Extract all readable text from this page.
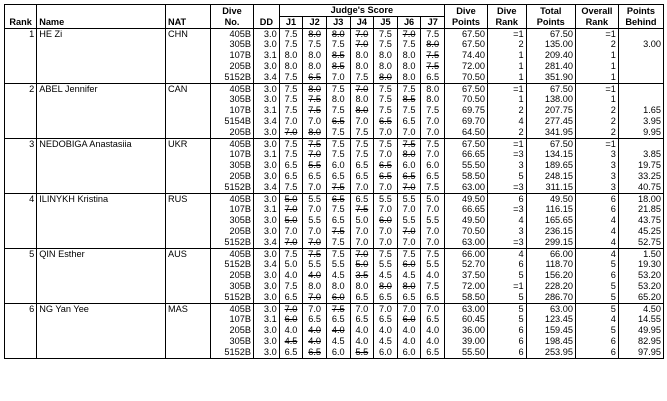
Rank	Name	NAT	Dive	DD	Judge's Score							Dive	Dive	Total	Overall	Points
			No.		J1	J2	J3	J4	J5	J6	J7	Points	Rank	Points	Rank	Behind
1	HE Zi	CHN	405B	3.0	7.5	8.0	8.0	7.0	7.5	7.0	7.5	67.50	=1	67.50	=1	
			305B	3.0	7.5	7.5	7.5	7.0	7.5	7.5	8.0	67.50	2	135.00	2	3.00
			107B	3.1	8.0	8.0	8.5	8.0	8.0	8.0	7.5	74.40	1	209.40	1	
			205B	3.0	8.0	8.0	8.5	8.0	8.0	8.0	7.5	72.00	1	281.40	1	
			5152B	3.4	7.5	6.5	7.0	7.5	8.0	8.0	6.5	70.50	1	351.90	1	
2	ABEL Jennifer	CAN	405B	3.0	7.5	8.0	7.5	7.0	7.5	7.5	8.0	67.50	=1	67.50	=1	
			305B	3.0	7.5	7.5	8.0	8.0	7.5	8.5	8.0	70.50	1	138.00	1	
			107B	3.1	7.5	7.5	7.5	8.0	7.5	7.5	7.5	69.75	2	207.75	2	1.65
			5154B	3.4	7.0	7.0	6.5	7.0	6.5	6.5	7.0	69.70	4	277.45	2	3.95
			205B	3.0	7.0	8.0	7.5	7.5	7.0	7.0	7.0	64.50	2	341.95	2	9.95
3	NEDOBIGA Anastasiia	UKR	405B	3.0	7.5	7.5	7.5	7.5	7.5	7.5	7.5	67.50	=1	67.50	=1	
			107B	3.1	7.5	7.0	7.5	7.5	7.0	8.0	7.0	66.65	=3	134.15	3	3.85
			305B	3.0	6.5	5.5	6.0	6.5	6.5	6.0	6.0	55.50	3	189.65	3	19.75
			205B	3.0	6.5	6.5	6.5	6.5	6.5	6.5	6.5	58.50	5	248.15	3	33.25
			5152B	3.4	7.5	7.0	7.5	7.0	7.0	7.0	7.5	63.00	=3	311.15	3	40.75
4	ILINYKH Kristina	RUS	405B	3.0	5.0	5.5	6.5	6.5	5.5	5.5	5.0	49.50	6	49.50	6	18.00
			107B	3.1	7.0	7.0	7.5	7.5	7.0	7.0	7.0	66.65	=3	116.15	6	21.85
			305B	3.0	5.0	5.5	6.5	5.0	6.0	5.5	5.5	49.50	4	165.65	4	43.75
			205B	3.0	7.0	7.0	7.5	7.0	7.0	7.0	7.0	70.50	3	236.15	4	45.25
			5152B	3.4	7.0	7.0	7.5	7.0	7.0	7.0	7.0	63.00	=3	299.15	4	52.75
5	QIN Esther	AUS	405B	3.0	7.5	7.5	7.5	7.0	7.5	7.5	7.5	66.00	4	66.00	4	1.50
			5152B	3.4	5.0	5.5	5.5	5.0	5.5	6.0	5.5	52.70	6	118.70	5	19.30
			205B	3.0	4.0	4.0	4.5	3.5	4.5	4.5	4.0	37.50	5	156.20	6	53.20
			305B	3.0	7.5	8.0	8.0	8.0	8.0	8.0	7.5	72.00	=1	228.20	5	53.20
			5152B	3.0	6.5	7.0	6.0	6.5	6.5	6.5	6.5	58.50	5	286.70	5	65.20
6	NG Yan Yee	MAS	405B	3.0	7.0	7.0	7.5	7.0	7.0	7.0	7.0	63.00	5	63.00	5	4.50
			107B	3.1	6.0	6.5	6.5	6.5	6.5	6.0	6.5	60.45	5	123.45	4	14.55
			205B	3.0	4.0	4.0	4.0	4.0	4.0	4.0	4.0	36.00	6	159.45	5	49.95
			305B	3.0	4.5	4.0	4.5	4.0	4.5	4.0	4.0	39.00	6	198.45	6	82.95
			5152B	3.0	6.5	6.5	6.0	5.5	6.0	6.0	6.5	55.50	6	253.95	6	97.95
